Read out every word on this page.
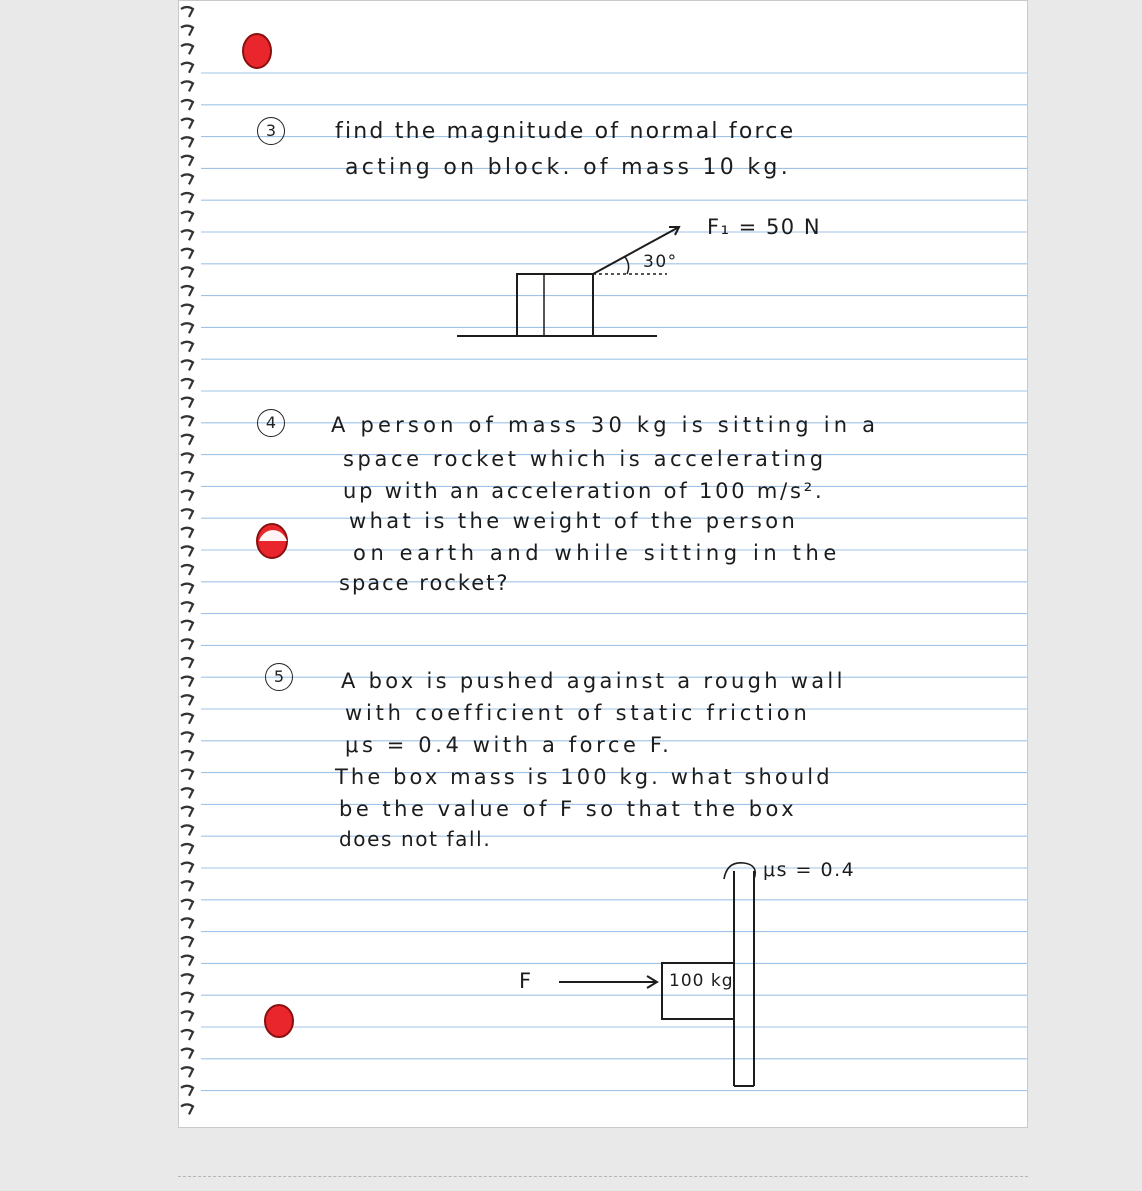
3	find the magnitude of normal force
acting on block. of mass 10 kg.
F₁ = 50 N
30°
4	A person of mass 30 kg is sitting in a
space rocket which is accelerating
up with an acceleration of 100 m/s².
what is the weight of the person
on earth and while sitting in the
space rocket?
5	A box is pushed against a rough wall
with coefficient of static friction
μs = 0.4 with a force F.
The box mass is 100 kg. what should
be the value of F so that the box
does not fall.
μs = 0.4
F	100 kg
